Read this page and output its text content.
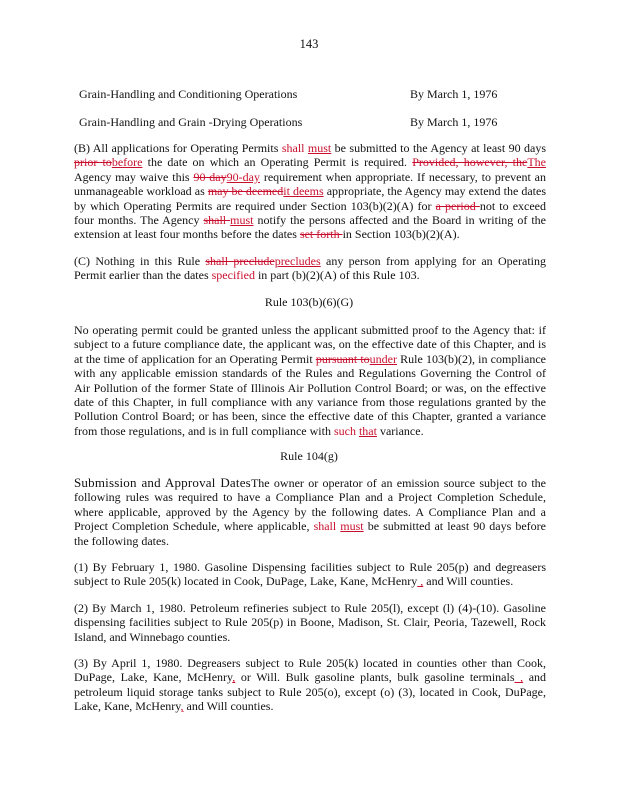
143
Grain-Handling and Conditioning Operations	By March 1, 1976
Grain-Handling and Grain -Drying Operations	By March 1, 1976
(B) All applications for Operating Permits shall must be submitted to the Agency at least 90 days prior tobefore the date on which an Operating Permit is required. Provided, however, theThe Agency may waive this 90 day90-day requirement when appropriate. If necessary, to prevent an unmanageable workload as may be deemedit deems appropriate, the Agency may extend the dates by which Operating Permits are required under Section 103(b)(2)(A) for a period not to exceed four months. The Agency shall must notify the persons affected and the Board in writing of the extension at least four months before the dates set forth in Section 103(b)(2)(A).
(C) Nothing in this Rule shall precludeprecludes any person from applying for an Operating Permit earlier than the dates specified in part (b)(2)(A) of this Rule 103.
Rule 103(b)(6)(G)
No operating permit could be granted unless the applicant submitted proof to the Agency that: if subject to a future compliance date, the applicant was, on the effective date of this Chapter, and is at the time of application for an Operating Permit pursuant tounder Rule 103(b)(2), in compliance with any applicable emission standards of the Rules and Regulations Governing the Control of Air Pollution of the former State of Illinois Air Pollution Control Board; or was, on the effective date of this Chapter, in full compliance with any variance from those regulations granted by the Pollution Control Board; or has been, since the effective date of this Chapter, granted a variance from those regulations, and is in full compliance with such that variance.
Rule 104(g)
Submission and Approval DatesThe owner or operator of an emission source subject to the following rules was required to have a Compliance Plan and a Project Completion Schedule, where applicable, approved by the Agency by the following dates. A Compliance Plan and a Project Completion Schedule, where applicable, shall must be submitted at least 90 days before the following dates.
(1) By February 1, 1980. Gasoline Dispensing facilities subject to Rule 205(p) and degreasers subject to Rule 205(k) located in Cook, DuPage, Lake, Kane, McHenry , and Will counties.
(2) By March 1, 1980. Petroleum refineries subject to Rule 205(l), except (l) (4)-(10). Gasoline dispensing facilities subject to Rule 205(p) in Boone, Madison, St. Clair, Peoria, Tazewell, Rock Island, and Winnebago counties.
(3) By April 1, 1980. Degreasers subject to Rule 205(k) located in counties other than Cook, DuPage, Lake, Kane, McHenry, or Will. Bulk gasoline plants, bulk gasoline terminals , and petroleum liquid storage tanks subject to Rule 205(o), except (o) (3), located in Cook, DuPage, Lake, Kane, McHenry, and Will counties.
